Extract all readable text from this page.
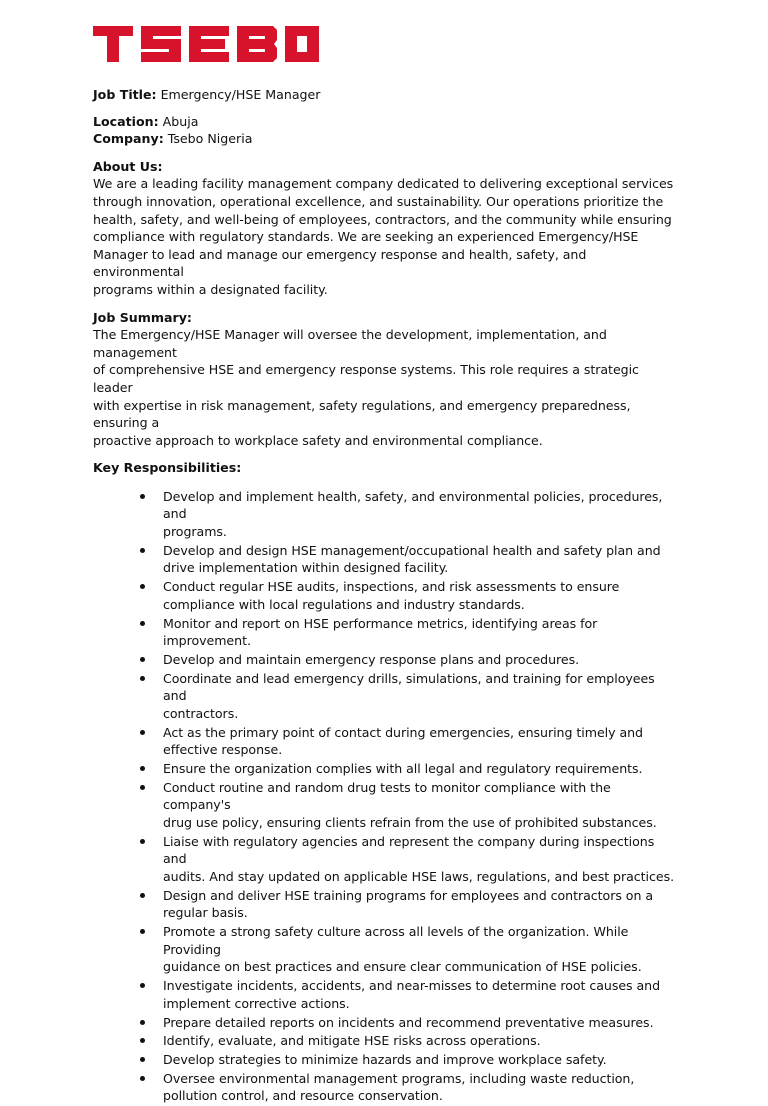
Job Title: Emergency/HSE Manager

Location: Abuja

Company: Tsebo Nigeria

About Us:

We are a leading facility management company dedicated to delivering exceptional services
through innovation, operational excellence, and sustainability. Our operations prioritize the
health, safety, and well-being of employees, contractors, and the community while ensuring
compliance with regulatory standards. We are seeking an experienced Emergency/HSE
Manager to lead and manage our emergency response and health, safety, and environmental
programs within a designated facility.

Job Summary:

The Emergency/HSE Manager will oversee the development, implementation, and management
of comprehensive HSE and emergency response systems. This role requires a strategic leader
with expertise in risk management, safety regulations, and emergency preparedness, ensuring a
proactive approach to workplace safety and environmental compliance.

Key Responsibilities:

Develop and implement health, safety, and environmental policies, procedures, and
programs.
Develop and design HSE management/occupational health and safety plan and
drive implementation within designed facility.
Conduct regular HSE audits, inspections, and risk assessments to ensure
compliance with local regulations and industry standards.
Monitor and report on HSE performance metrics, identifying areas for improvement.
Develop and maintain emergency response plans and procedures.
Coordinate and lead emergency drills, simulations, and training for employees and
contractors.
Act as the primary point of contact during emergencies, ensuring timely and
effective response.
Ensure the organization complies with all legal and regulatory requirements.
Conduct routine and random drug tests to monitor compliance with the company's
drug use policy, ensuring clients refrain from the use of prohibited substances.
Liaise with regulatory agencies and represent the company during inspections and
audits. And stay updated on applicable HSE laws, regulations, and best practices.
Design and deliver HSE training programs for employees and contractors on a
regular basis.
Promote a strong safety culture across all levels of the organization. While Providing
guidance on best practices and ensure clear communication of HSE policies.
Investigate incidents, accidents, and near-misses to determine root causes and
implement corrective actions.
Prepare detailed reports on incidents and recommend preventative measures.
Identify, evaluate, and mitigate HSE risks across operations.
Develop strategies to minimize hazards and improve workplace safety.
Oversee environmental management programs, including waste reduction,
pollution control, and resource conservation.
